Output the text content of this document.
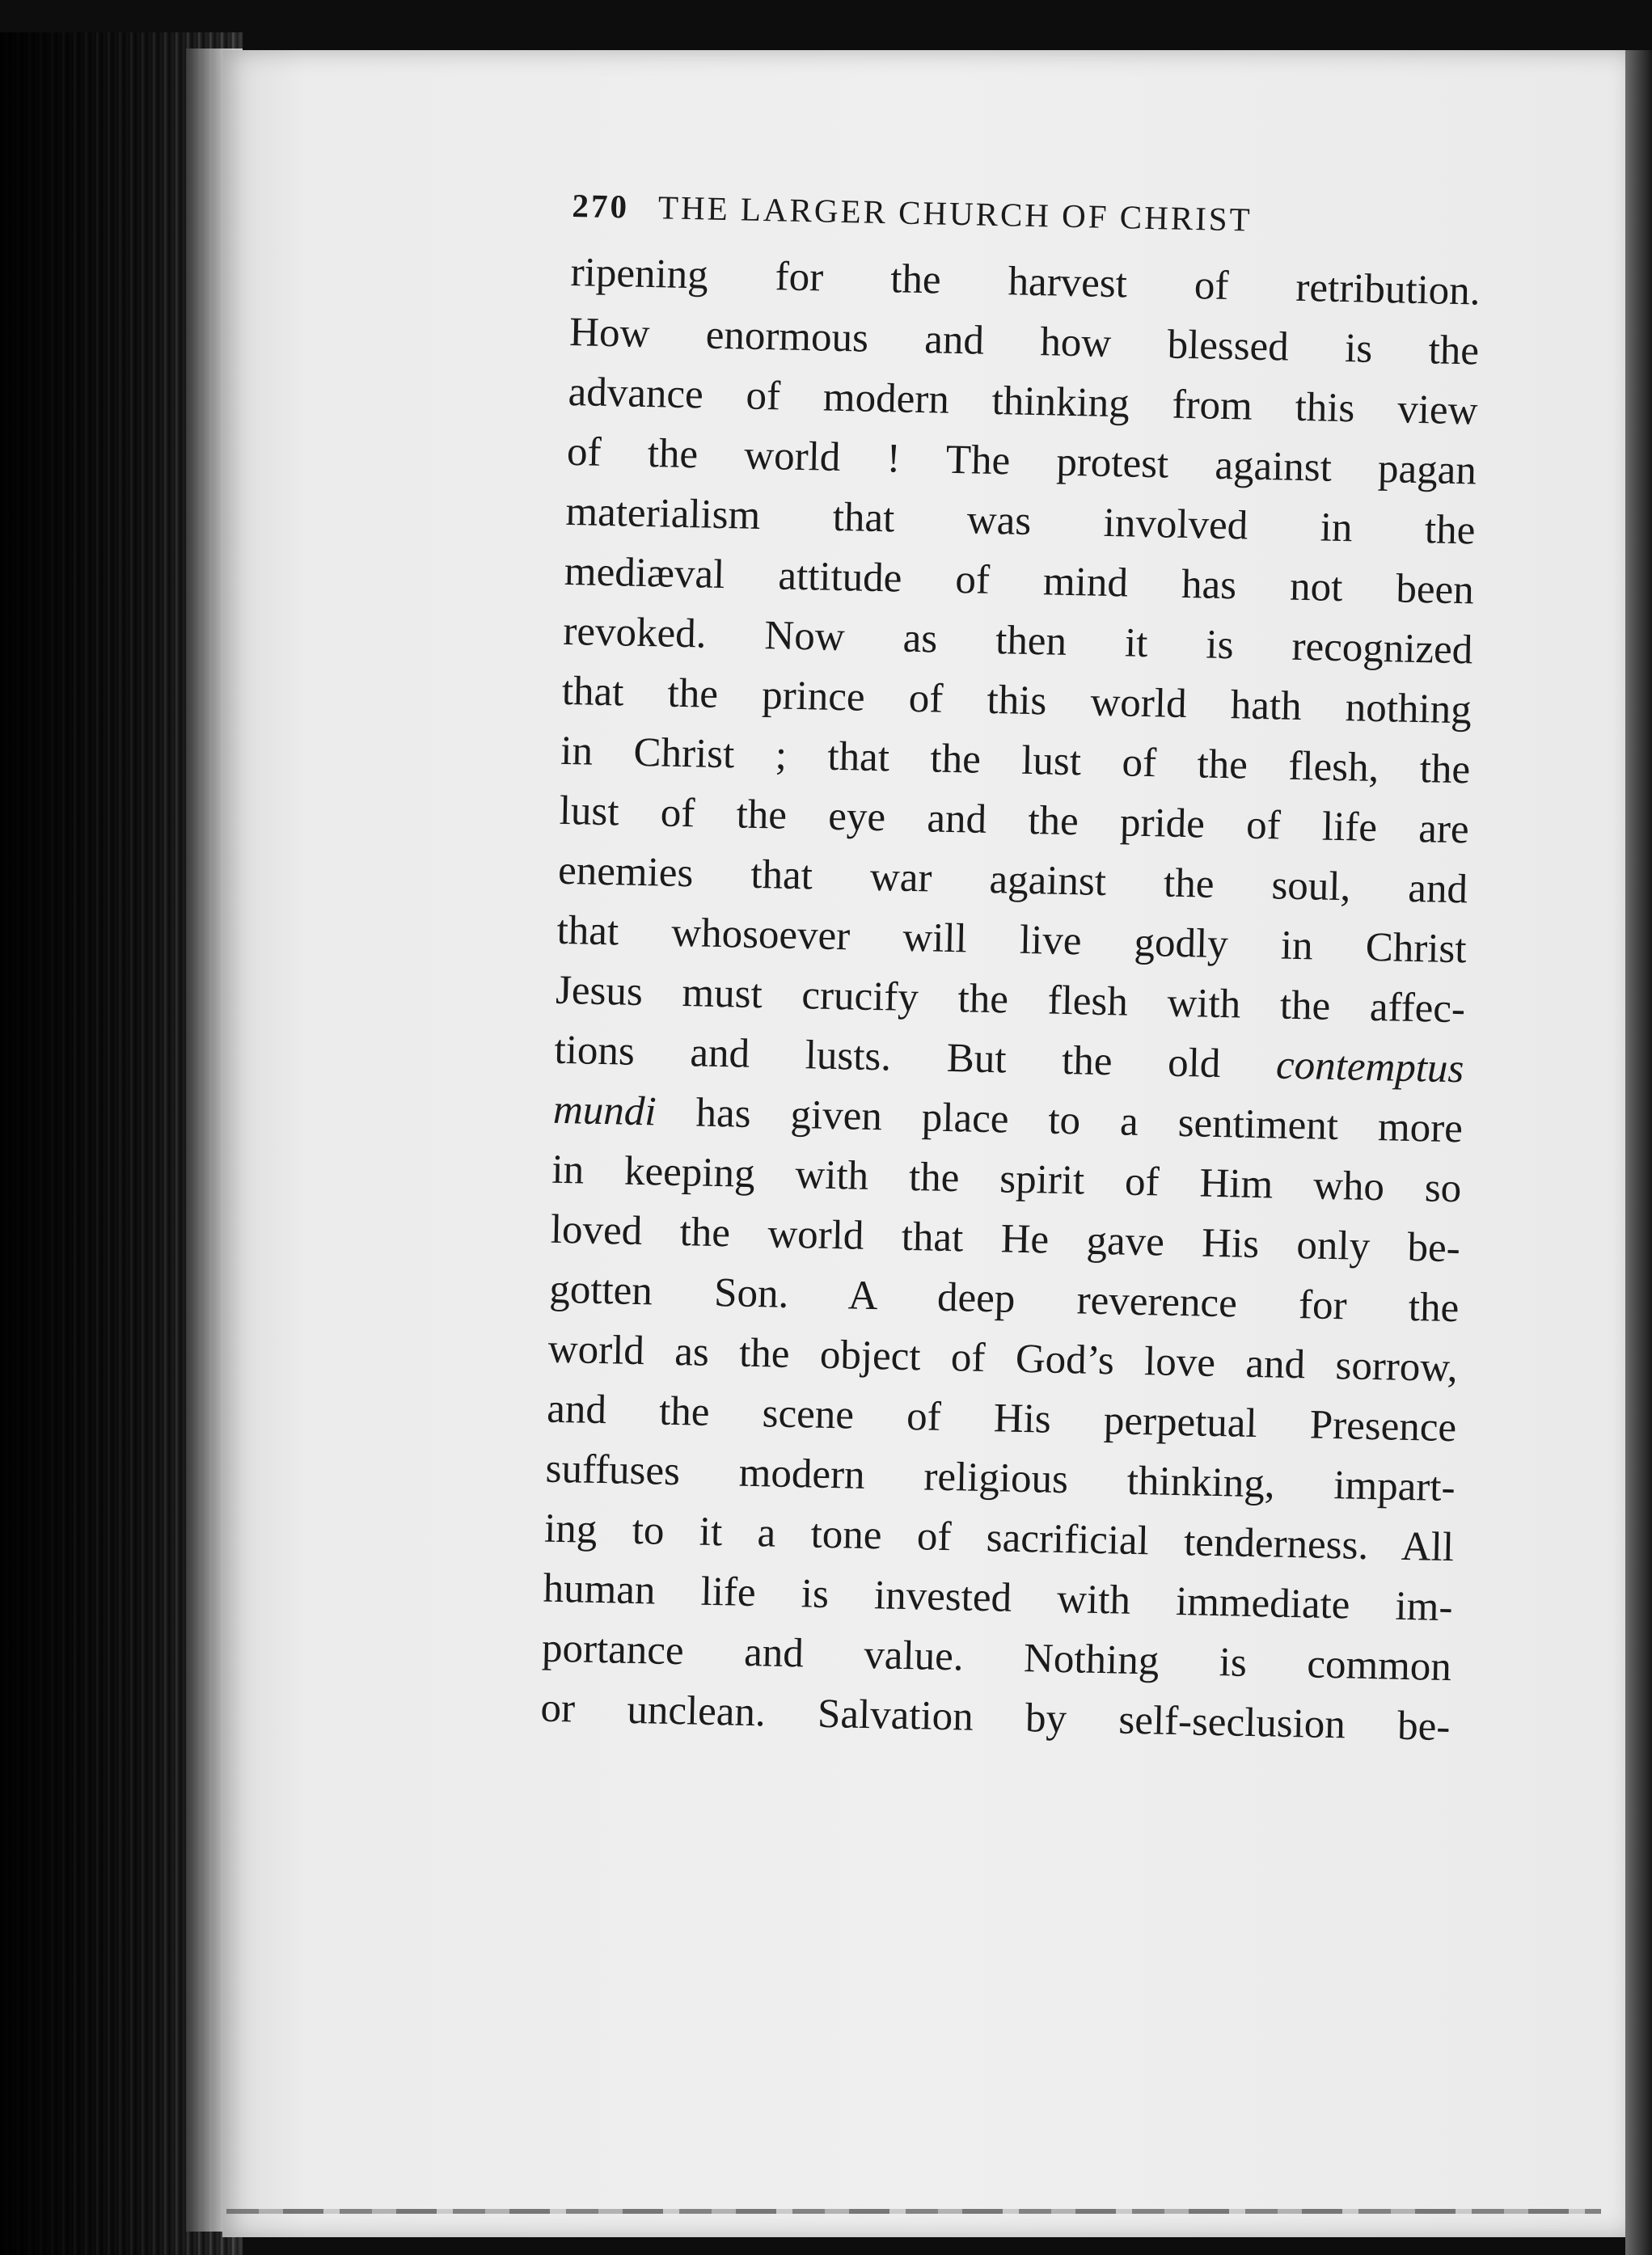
270 THE LARGER CHURCH OF CHRIST
ripening for the harvest of retribution.
How enormous and how blessed is the
advance of modern thinking from this view
of the world ! The protest against pagan
materialism that was involved in the
mediæval attitude of mind has not been
revoked. Now as then it is recognized
that the prince of this world hath nothing
in Christ ; that the lust of the flesh, the
lust of the eye and the pride of life are
enemies that war against the soul, and
that whosoever will live godly in Christ
Jesus must crucify the flesh with the affec-
tions and lusts. But the old contemptus
mundi has given place to a sentiment more
in keeping with the spirit of Him who so
loved the world that He gave His only be-
gotten Son. A deep reverence for the
world as the object of God’s love and sorrow,
and the scene of His perpetual Presence
suffuses modern religious thinking, impart-
ing to it a tone of sacrificial tenderness. All
human life is invested with immediate im-
portance and value. Nothing is common
or unclean. Salvation by self-seclusion be-
